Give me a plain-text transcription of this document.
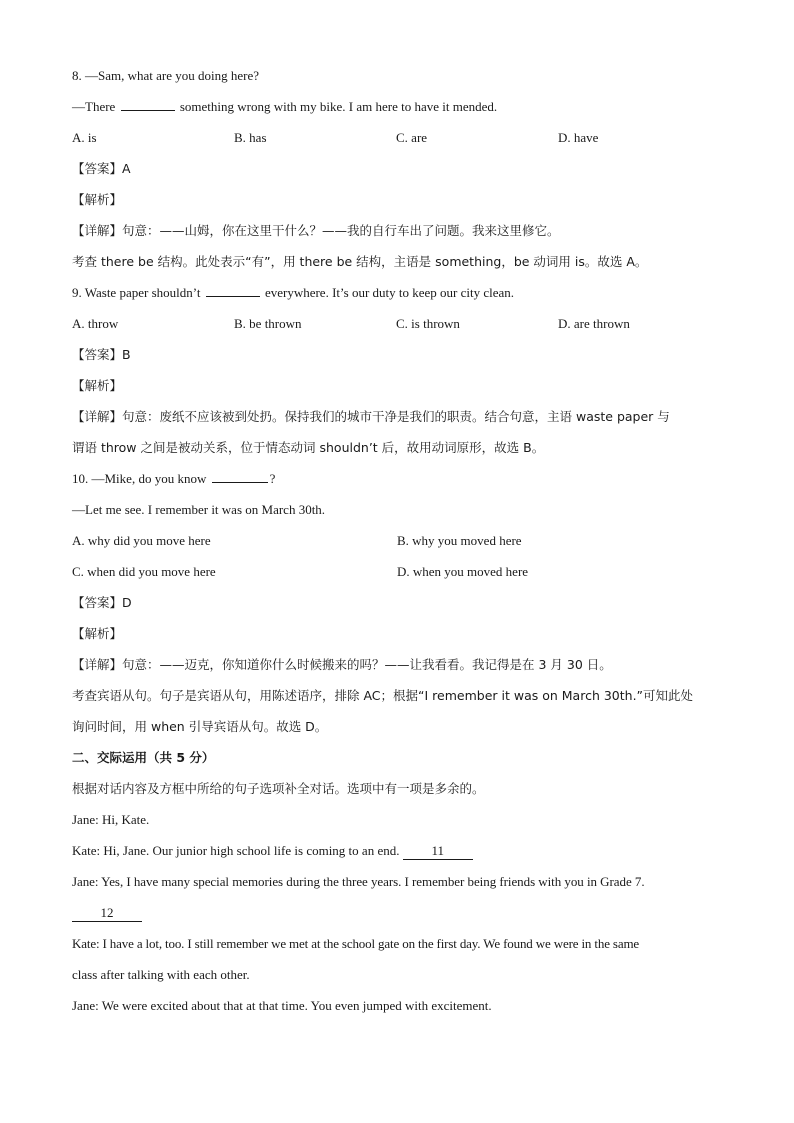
8. —Sam, what are you doing here?
—There	something wrong with my bike. I am here to have it mended.
A. is	B. has	C. are	D. have
【答案】A
【解析】
【详解】句意：——山姆，你在这里干什么？——我的自行车出了问题。我来这里修它。
考查 there be 结构。此处表示“有”，用 there be 结构，主语是 something，be 动词用 is。故选 A。
9. Waste paper shouldn’t	everywhere. It’s our duty to keep our city clean.
A. throw	B. be thrown	C. is thrown	D. are thrown
【答案】B
【解析】
【详解】句意：废纸不应该被到处扔。保持我们的城市干净是我们的职责。结合句意，主语 waste paper 与
谓语 throw 之间是被动关系，位于情态动词 shouldn’t 后，故用动词原形，故选 B。
10. —Mike, do you know	?
—Let me see. I remember it was on March 30th.
A. why did you move here	B. why you moved here
C. when did you move here	D. when you moved here
【答案】D
【解析】
【详解】句意：——迈克，你知道你什么时候搬来的吗？——让我看看。我记得是在 3 月 30 日。
考查宾语从句。句子是宾语从句，用陈述语序，排除 AC；根据“I remember it was on March 30th.”可知此处
询问时间，用 when 引导宾语从句。故选 D。
二、交际运用（共 5 分）
根据对话内容及方框中所给的句子选项补全对话。选项中有一项是多余的。
Jane: Hi, Kate.
Kate: Hi, Jane. Our junior high school life is coming to an end. 11
Jane: Yes, I have many special memories during the three years. I remember being friends with you in Grade 7.
12
Kate: I have a lot, too. I still remember we met at the school gate on the first day. We found we were in the same
class after talking with each other.
Jane: We were excited about that at that time. You even jumped with excitement.
